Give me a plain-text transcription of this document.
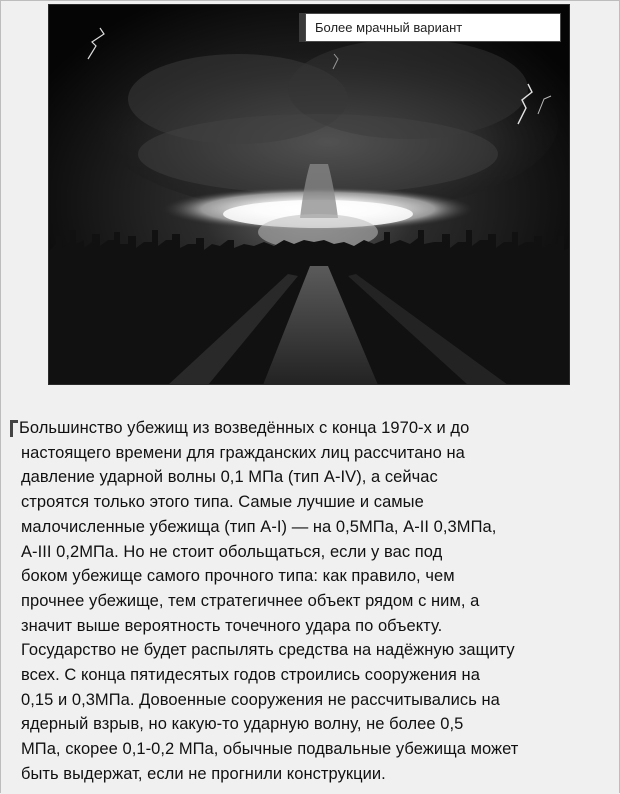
Более мрачный вариант

Большинство убежищ из возведённых с конца 1970-х и до
настоящего времени для гражданских лиц рассчитано на
давление ударной волны 0,1 МПа (тип А-IV), а сейчас
строятся только этого типа. Самые лучшие и самые
малочисленные убежища (тип А-I) — на 0,5МПа, А-II 0,3МПа,
А-III 0,2МПа. Но не стоит обольщаться, если у вас под
боком убежище самого прочного типа: как правило, чем
прочнее убежище, тем стратегичнее объект рядом с ним, а
значит выше вероятность точечного удара по объекту.
Государство не будет распылять средства на надёжную защиту
всех. С конца пятидесятых годов строились сооружения на
0,15 и 0,3МПа. Довоенные сооружения не рассчитывались на
ядерный взрыв, но какую-то ударную волну, не более 0,5
МПа, скорее 0,1-0,2 МПа, обычные подвальные убежища может
быть выдержат, если не прогнили конструкции.
